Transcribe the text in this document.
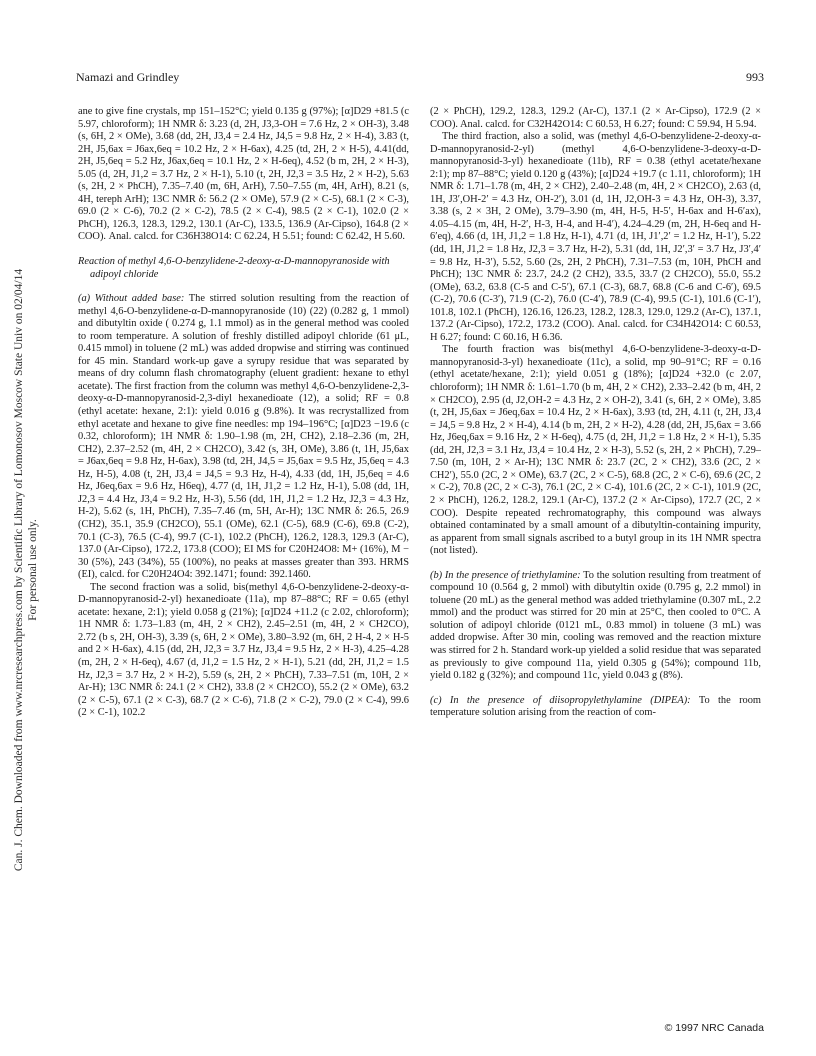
Can. J. Chem. Downloaded from www.nrcresearchpress.com by Scientific Library of Lomonosov Moscow State Univ on 02/04/14 For personal use only.
Namazi and Grindley	993

ane to give fine crystals, mp 151–152°C; yield 0.135 g (97%); [α]D29 +81.5 (c 5.97, chloroform); 1H NMR δ: 3.23 (d, 2H, J3,3-OH = 7.6 Hz, 2 × OH-3), 3.48 (s, 6H, 2 × OMe), 3.68 (dd, 2H, J3,4 = 2.4 Hz, J4,5 = 9.8 Hz, 2 × H-4), 3.83 (t, 2H, J5,6ax = J6ax,6eq = 10.2 Hz, 2 × H-6ax), 4.25 (td, 2H, 2 × H-5), 4.41(dd, 2H, J5,6eq = 5.2 Hz, J6ax,6eq = 10.1 Hz, 2 × H-6eq), 4.52 (b m, 2H, 2 × H-3), 5.05 (d, 2H, J1,2 = 3.7 Hz, 2 × H-1), 5.10 (t, 2H, J2,3 = 3.5 Hz, 2 × H-2), 5.63 (s, 2H, 2 × PhCH), 7.35–7.40 (m, 6H, ArH), 7.50–7.55 (m, 4H, ArH), 8.21 (s, 4H, tereph ArH); 13C NMR δ: 56.2 (2 × OMe), 57.9 (2 × C-5), 68.1 (2 × C-3), 69.0 (2 × C-6), 70.2 (2 × C-2), 78.5 (2 × C-4), 98.5 (2 × C-1), 102.0 (2 × PhCH), 126.3, 128.3, 129.2, 130.1 (Ar-C), 133.5, 136.9 (Ar-Cipso), 164.8 (2 × COO). Anal. calcd. for C36H38O14: C 62.24, H 5.51; found: C 62.42, H 5.60.

Reaction of methyl 4,6-O-benzylidene-2-deoxy-α-D-mannopyranoside with adipoyl chloride

(a) Without added base: The stirred solution resulting from the reaction of methyl 4,6-O-benzylidene-α-D-mannopyranoside (10) (22) (0.282 g, 1 mmol) and dibutyltin oxide ( 0.274 g, 1.1 mmol) as in the general method was cooled to room temperature. A solution of freshly distilled adipoyl chloride (61 μL, 0.415 mmol) in toluene (2 mL) was added dropwise and stirring was continued for 45 min. Standard work-up gave a syrupy residue that was separated by means of dry column flash chromatography (eluent gradient: hexane to ethyl acetate). The first fraction from the column was methyl 4,6-O-benzylidene-2,3-deoxy-α-D-mannopyranosid-2,3-diyl hexanedioate (12), a solid; RF = 0.8 (ethyl acetate: hexane, 2:1): yield 0.016 g (9.8%). It was recrystallized from ethyl acetate and hexane to give fine needles: mp 194–196°C; [α]D23 −19.6 (c 0.32, chloroform); 1H NMR δ: 1.90–1.98 (m, 2H, CH2), 2.18–2.36 (m, 2H, CH2), 2.37–2.52 (m, 4H, 2 × CH2CO), 3.42 (s, 3H, OMe), 3.86 (t, 1H, J5,6ax = J6ax,6eq = 9.8 Hz, H-6ax), 3.98 (td, 2H, J4,5 = J5,6ax = 9.5 Hz, J5,6eq = 4.3 Hz, H-5), 4.08 (t, 2H, J3,4 = J4,5 = 9.3 Hz, H-4), 4.33 (dd, 1H, J5,6eq = 4.6 Hz, J6eq,6ax = 9.6 Hz, H6eq), 4.77 (d, 1H, J1,2 = 1.2 Hz, H-1), 5.08 (dd, 1H, J2,3 = 4.4 Hz, J3,4 = 9.2 Hz, H-3), 5.56 (dd, 1H, J1,2 = 1.2 Hz, J2,3 = 4.3 Hz, H-2), 5.62 (s, 1H, PhCH), 7.35–7.46 (m, 5H, Ar-H); 13C NMR δ: 26.5, 26.9 (CH2), 35.1, 35.9 (CH2CO), 55.1 (OMe), 62.1 (C-5), 68.9 (C-6), 69.8 (C-2), 70.1 (C-3), 76.5 (C-4), 99.7 (C-1), 102.2 (PhCH), 126.2, 128.3, 129.3 (Ar-C), 137.0 (Ar-Cipso), 172.2, 173.8 (COO); EI MS for C20H24O8: M+ (16%), M − 30 (5%), 243 (34%), 55 (100%), no peaks at masses greater than 393. HRMS (EI), calcd. for C20H24O4: 392.1471; found: 392.1460.

The second fraction was a solid, bis(methyl 4,6-O-benzylidene-2-deoxy-α-D-mannopyranosid-2-yl) hexanedioate (11a), mp 87–88°C; RF = 0.65 (ethyl acetate: hexane, 2:1); yield 0.058 g (21%); [α]D24 +11.2 (c 2.02, chloroform); 1H NMR δ: 1.73–1.83 (m, 4H, 2 × CH2), 2.45–2.51 (m, 4H, 2 × CH2CO), 2.72 (b s, 2H, OH-3), 3.39 (s, 6H, 2 × OMe), 3.80–3.92 (m, 6H, 2 H-4, 2 × H-5 and 2 × H-6ax), 4.15 (dd, 2H, J2,3 = 3.7 Hz, J3,4 = 9.5 Hz, 2 × H-3), 4.25–4.28 (m, 2H, 2 × H-6eq), 4.67 (d, J1,2 = 1.5 Hz, 2 × H-1), 5.21 (dd, 2H, J1,2 = 1.5 Hz, J2,3 = 3.7 Hz, 2 × H-2), 5.59 (s, 2H, 2 × PhCH), 7.33–7.51 (m, 10H, 2 × Ar-H); 13C NMR δ: 24.1 (2 × CH2), 33.8 (2 × CH2CO), 55.2 (2 × OMe), 63.2 (2 × C-5), 67.1 (2 × C-3), 68.7 (2 × C-6), 71.8 (2 × C-2), 79.0 (2 × C-4), 99.6 (2 × C-1), 102.2

(2 × PhCH), 129.2, 128.3, 129.2 (Ar-C), 137.1 (2 × Ar-Cipso), 172.9 (2 × COO). Anal. calcd. for C32H42O14: C 60.53, H 6.27; found: C 59.94, H 5.94.

The third fraction, also a solid, was (methyl 4,6-O-benzylidene-2-deoxy-α-D-mannopyranosid-2-yl) (methyl 4,6-O-benzylidene-3-deoxy-α-D-mannopyranosid-3-yl) hexanedioate (11b), RF = 0.38 (ethyl acetate/hexane 2:1); mp 87–88°C; yield 0.120 g (43%); [α]D24 +19.7 (c 1.11, chloroform); 1H NMR δ: 1.71–1.78 (m, 4H, 2 × CH2), 2.40–2.48 (m, 4H, 2 × CH2CO), 2.63 (d, 1H, J3′,OH-2′ = 4.3 Hz, OH-2′), 3.01 (d, 1H, J2,OH-3 = 4.3 Hz, OH-3), 3.37, 3.38 (s, 2 × 3H, 2 OMe), 3.79–3.90 (m, 4H, H-5, H-5′, H-6ax and H-6′ax), 4.05–4.15 (m, 4H, H-2′, H-3, H-4, and H-4′), 4.24–4.29 (m, 2H, H-6eq and H-6′eq), 4.66 (d, 1H, J1,2 = 1.8 Hz, H-1), 4.71 (d, 1H, J1′,2′ = 1.2 Hz, H-1′), 5.22 (dd, 1H, J1,2 = 1.8 Hz, J2,3 = 3.7 Hz, H-2), 5.31 (dd, 1H, J2′,3′ = 3.7 Hz, J3′,4′ = 9.8 Hz, H-3′), 5.52, 5.60 (2s, 2H, 2 PhCH), 7.31–7.53 (m, 10H, PhCH and PhCH); 13C NMR δ: 23.7, 24.2 (2 CH2), 33.5, 33.7 (2 CH2CO), 55.0, 55.2 (OMe), 63.2, 63.8 (C-5 and C-5′), 67.1 (C-3), 68.7, 68.8 (C-6 and C-6′), 69.5 (C-2), 70.6 (C-3′), 71.9 (C-2), 76.0 (C-4′), 78.9 (C-4), 99.5 (C-1), 101.6 (C-1′), 101.8, 102.1 (PhCH), 126.16, 126.23, 128.2, 128.3, 129.0, 129.2 (Ar-C), 137.1, 137.2 (Ar-Cipso), 172.2, 173.2 (COO). Anal. calcd. for C34H42O14: C 60.53, H 6.27; found: C 60.16, H 6.36.

The fourth fraction was bis(methyl 4,6-O-benzylidene-3-deoxy-α-D-mannopyranosid-3-yl) hexanedioate (11c), a solid, mp 90–91°C; RF = 0.16 (ethyl acetate/hexane, 2:1); yield 0.051 g (18%); [α]D24 +32.0 (c 2.07, chloroform); 1H NMR δ: 1.61–1.70 (b m, 4H, 2 × CH2), 2.33–2.42 (b m, 4H, 2 × CH2CO), 2.95 (d, J2,OH-2 = 4.3 Hz, 2 × OH-2), 3.41 (s, 6H, 2 × OMe), 3.85 (t, 2H, J5,6ax = J6eq,6ax = 10.4 Hz, 2 × H-6ax), 3.93 (td, 2H, 4.11 (t, 2H, J3,4 = J4,5 = 9.8 Hz, 2 × H-4), 4.14 (b m, 2H, 2 × H-2), 4.28 (dd, 2H, J5,6ax = 3.66 Hz, J6eq,6ax = 9.16 Hz, 2 × H-6eq), 4.75 (d, 2H, J1,2 = 1.8 Hz, 2 × H-1), 5.35 (dd, 2H, J2,3 = 3.1 Hz, J3,4 = 10.4 Hz, 2 × H-3), 5.52 (s, 2H, 2 × PhCH), 7.29–7.50 (m, 10H, 2 × Ar-H); 13C NMR δ: 23.7 (2C, 2 × CH2), 33.6 (2C, 2 × CH2′), 55.0 (2C, 2 × OMe), 63.7 (2C, 2 × C-5), 68.8 (2C, 2 × C-6), 69.6 (2C, 2 × C-2), 70.8 (2C, 2 × C-3), 76.1 (2C, 2 × C-4), 101.6 (2C, 2 × C-1), 101.9 (2C, 2 × PhCH), 126.2, 128.2, 129.1 (Ar-C), 137.2 (2 × Ar-Cipso), 172.7 (2C, 2 × COO). Despite repeated rechromatography, this compound was always obtained contaminated by a small amount of a dibutyltin-containing impurity, as apparent from small signals ascribed to a butyl group in its 1H NMR spectra (not listed).

(b) In the presence of triethylamine: To the solution resulting from treatment of compound 10 (0.564 g, 2 mmol) with dibutyltin oxide (0.795 g, 2.2 mmol) in toluene (20 mL) as the general method was added triethylamine (0.307 mL, 2.2 mmol) and the product was stirred for 20 min at 25°C, then cooled to 0°C. A solution of adipoyl chloride (0121 mL, 0.83 mmol) in toluene (3 mL) was added dropwise. After 30 min, cooling was removed and the reaction mixture was stirred for 2 h. Standard work-up yielded a solid residue that was separated as previously to give compound 11a, yield 0.305 g (54%); compound 11b, yield 0.182 g (32%); and compound 11c, yield 0.043 g (8%).

(c) In the presence of diisopropylethylamine (DIPEA): To the room temperature solution arising from the reaction of com-

© 1997 NRC Canada
